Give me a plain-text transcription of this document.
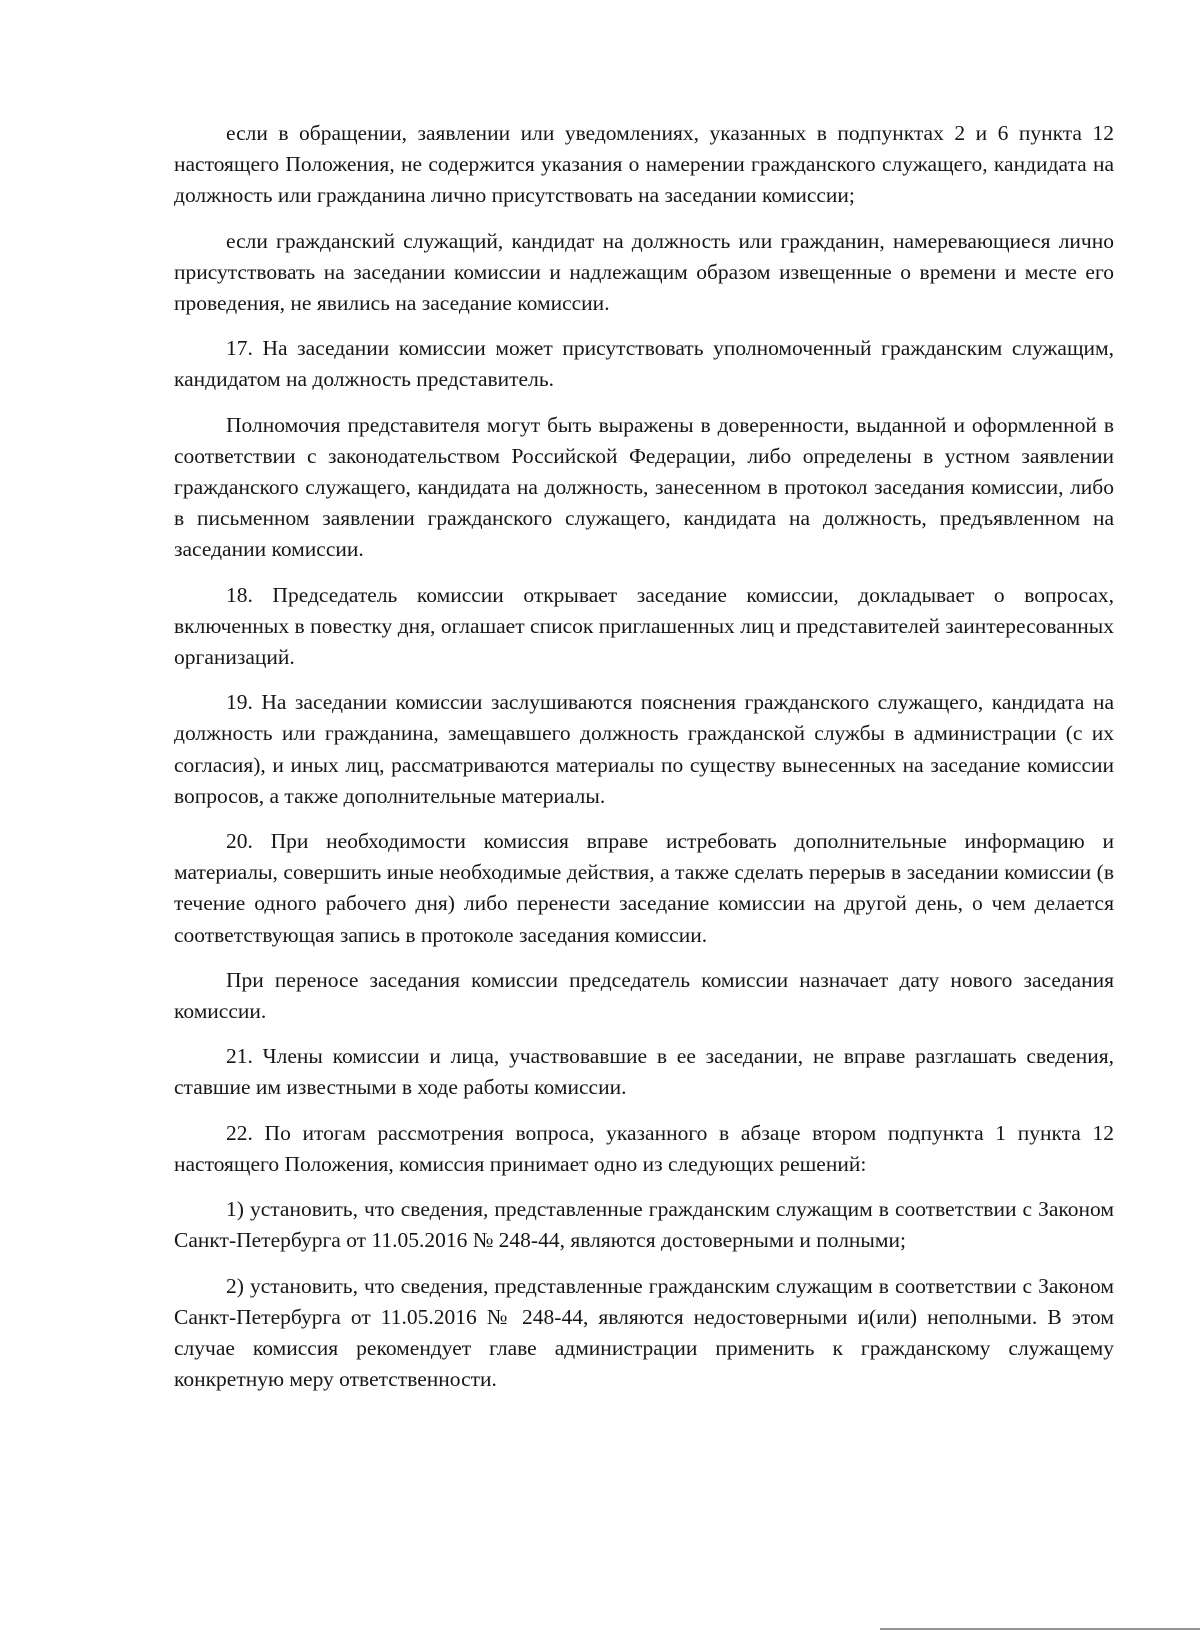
если в обращении, заявлении или уведомлениях, указанных в подпунктах 2 и 6 пункта 12 настоящего Положения, не содержится указания о намерении гражданского служащего, кандидата на должность или гражданина лично присутствовать на заседании комиссии;

если гражданский служащий, кандидат на должность или гражданин, намеревающиеся лично присутствовать на заседании комиссии и надлежащим образом извещенные о времени и месте его проведения, не явились на заседание комиссии.

17. На заседании комиссии может присутствовать уполномоченный гражданским служащим, кандидатом на должность представитель.

Полномочия представителя могут быть выражены в доверенности, выданной и оформленной в соответствии с законодательством Российской Федерации, либо определены в устном заявлении гражданского служащего, кандидата на должность, занесенном в протокол заседания комиссии, либо в письменном заявлении гражданского служащего, кандидата на должность, предъявленном на заседании комиссии.

18. Председатель комиссии открывает заседание комиссии, докладывает о вопросах, включенных в повестку дня, оглашает список приглашенных лиц и представителей заинтересованных организаций.

19. На заседании комиссии заслушиваются пояснения гражданского служащего, кандидата на должность или гражданина, замещавшего должность гражданской службы в администрации (с их согласия), и иных лиц, рассматриваются материалы по существу вынесенных на заседание комиссии вопросов, а также дополнительные материалы.

20. При необходимости комиссия вправе истребовать дополнительные информацию и материалы, совершить иные необходимые действия, а также сделать перерыв в заседании комиссии (в течение одного рабочего дня) либо перенести заседание комиссии на другой день, о чем делается соответствующая запись в протоколе заседания комиссии.

При переносе заседания комиссии председатель комиссии назначает дату нового заседания комиссии.

21. Члены комиссии и лица, участвовавшие в ее заседании, не вправе разглашать сведения, ставшие им известными в ходе работы комиссии.

22. По итогам рассмотрения вопроса, указанного в абзаце втором подпункта 1 пункта 12 настоящего Положения, комиссия принимает одно из следующих решений:

1) установить, что сведения, представленные гражданским служащим в соответствии с Законом Санкт-Петербурга от 11.05.2016 № 248-44, являются достоверными и полными;

2) установить, что сведения, представленные гражданским служащим в соответствии с Законом Санкт-Петербурга от 11.05.2016 № 248-44, являются недостоверными и(или) неполными. В этом случае комиссия рекомендует главе администрации применить к гражданскому служащему конкретную меру ответственности.
